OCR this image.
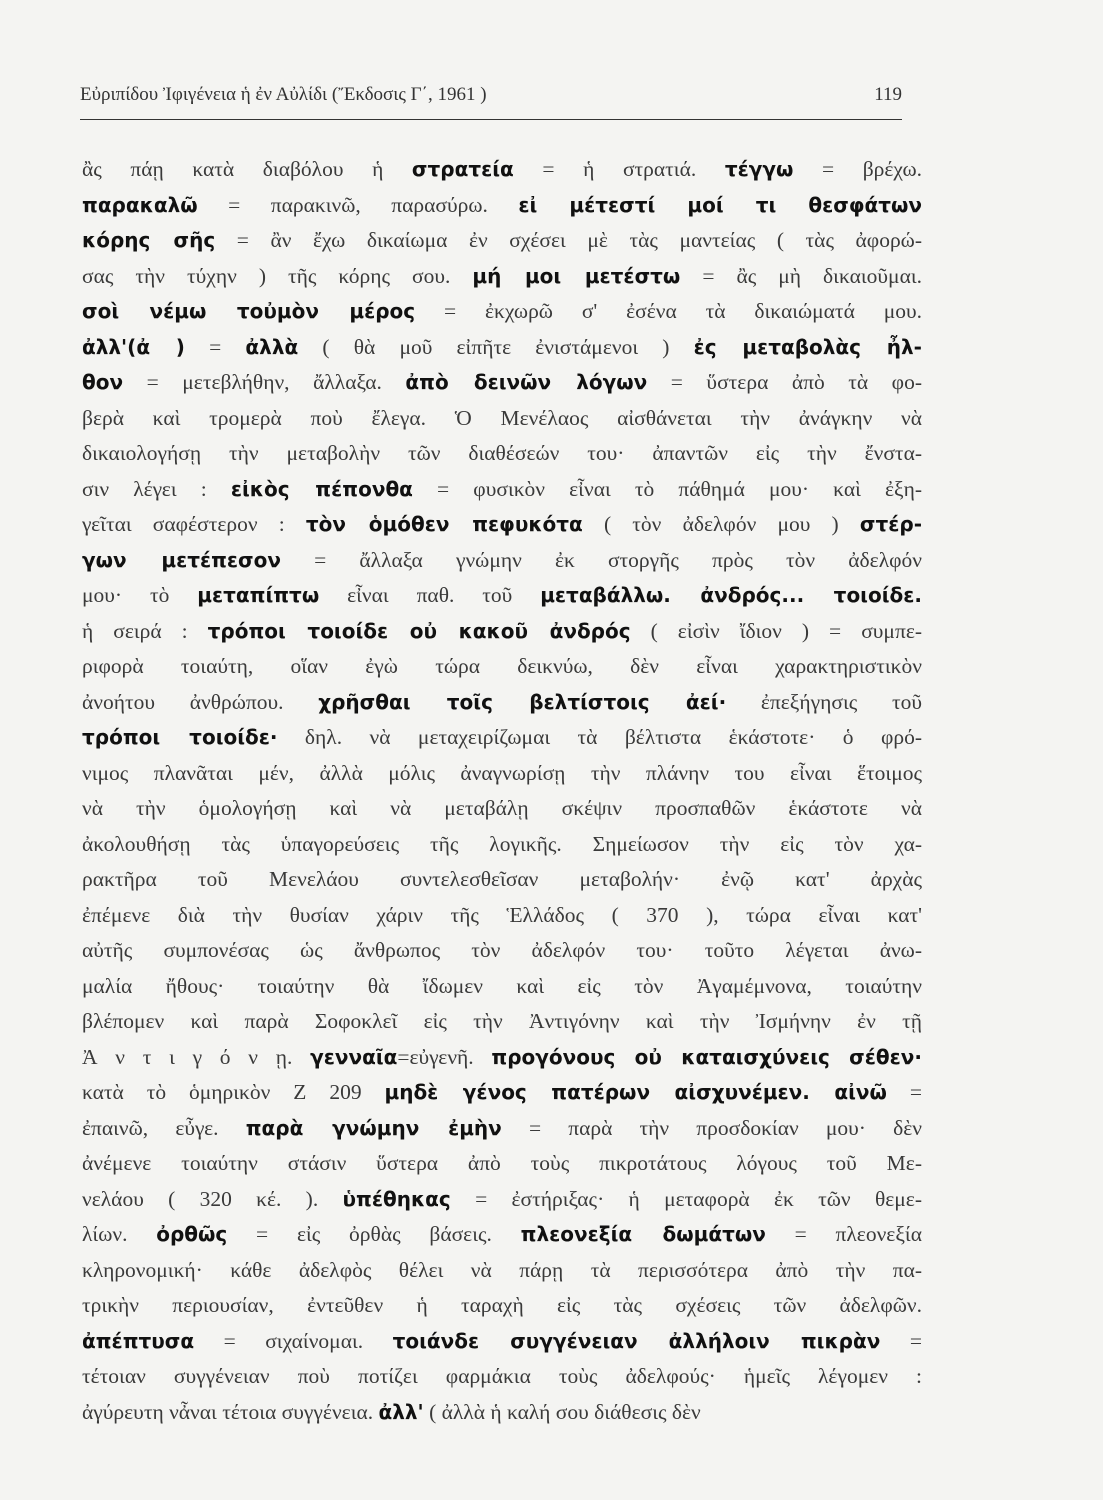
Εὐριπίδου Ἰφιγένεια ἡ ἐν Αὐλίδι (Ἔκδοσις Γ΄, 1961 )	119
ἂς πάῃ κατὰ διαβόλου ἡ στρατεία = ἡ στρατιά. τέγγω = βρέχω.
παρακαλῶ = παρακινῶ, παρασύρω. εἰ μέτεστί μοί τι θεσφάτων
κόρης σῆς = ἂν ἔχω δικαίωμα ἐν σχέσει μὲ τὰς μαντείας ( τὰς ἀφορώ-
σας τὴν τύχην ) τῆς κόρης σου. μή μοι μετέστω = ἂς μὴ δικαιοῦμαι.
σοὶ νέμω τοὐμὸν μέρος = ἐκχωρῶ σ' ἐσένα τὰ δικαιώματά μου.
ἀλλ'(ἀ ) = ἀλλὰ ( θὰ μοῦ εἰπῆτε ἐνιστάμενοι ) ἐς μεταβολὰς ἦλ-
θον = μετεβλήθην, ἄλλαξα. ἀπὸ δεινῶν λόγων = ὕστερα ἀπὸ τὰ φο-
βερὰ καὶ τρομερὰ ποὺ ἔλεγα. Ὁ Μενέλαος αἰσθάνεται τὴν ἀνάγκην νὰ
δικαιολογήσῃ τὴν μεταβολὴν τῶν διαθέσεών του· ἀπαντῶν εἰς τὴν ἔνστα-
σιν λέγει : εἰκὸς πέπονθα = φυσικὸν εἶναι τὸ πάθημά μου· καὶ ἐξη-
γεῖται σαφέστερον : τὸν ὁμόθεν πεφυκότα ( τὸν ἀδελφόν μου ) στέρ-
γων μετέπεσον = ἄλλαξα γνώμην ἐκ στοργῆς πρὸς τὸν ἀδελφόν
μου· τὸ μεταπίπτω εἶναι παθ. τοῦ μεταβάλλω. ἀνδρός... τοιοίδε.
ἡ σειρά : τρόποι τοιοίδε οὐ κακοῦ ἀνδρός ( εἰσὶν ἴδιον ) = συμπε-
ριφορὰ τοιαύτη, οἵαν ἐγὼ τώρα δεικνύω, δὲν εἶναι χαρακτηριστικὸν
ἀνοήτου ἀνθρώπου. χρῆσθαι τοῖς βελτίστοις ἀεί· ἐπεξήγησις τοῦ
τρόποι τοιοίδε· δηλ. νὰ μεταχειρίζωμαι τὰ βέλτιστα ἑκάστοτε· ὁ φρό-
νιμος πλανᾶται μέν, ἀλλὰ μόλις ἀναγνωρίσῃ τὴν πλάνην του εἶναι ἕτοιμος
νὰ τὴν ὁμολογήσῃ καὶ νὰ μεταβάλῃ σκέψιν προσπαθῶν ἑκάστοτε νὰ
ἀκολουθήσῃ τὰς ὑπαγορεύσεις τῆς λογικῆς. Σημείωσον τὴν εἰς τὸν χα-
ρακτῆρα τοῦ Μενελάου συντελεσθεῖσαν μεταβολήν· ἐνῷ κατ' ἀρχὰς
ἐπέμενε διὰ τὴν θυσίαν χάριν τῆς Ἑλλάδος ( 370 ), τώρα εἶναι κατ'
αὐτῆς συμπονέσας ὡς ἄνθρωπος τὸν ἀδελφόν του· τοῦτο λέγεται ἀνω-
μαλία ἤθους· τοιαύτην θὰ ἴδωμεν καὶ εἰς τὸν Ἀγαμέμνονα, τοιαύτην
βλέπομεν καὶ παρὰ Σοφοκλεῖ εἰς τὴν Ἀντιγόνην καὶ τὴν Ἰσμήνην ἐν τῇ
Ἀ ν τ ι γ ό ν ῃ. γενναῖα=εὐγενῆ. προγόνους οὐ καταισχύνεις σέθεν·
κατὰ τὸ ὁμηρικὸν Ζ 209 μηδὲ γένος πατέρων αἰσχυνέμεν. αἰνῶ =
ἐπαινῶ, εὖγε. παρὰ γνώμην ἐμὴν = παρὰ τὴν προσδοκίαν μου· δὲν
ἀνέμενε τοιαύτην στάσιν ὕστερα ἀπὸ τοὺς πικροτάτους λόγους τοῦ Με-
νελάου ( 320 κέ. ). ὑπέθηκας = ἐστήριξας· ἡ μεταφορὰ ἐκ τῶν θεμε-
λίων. ὀρθῶς = εἰς ὀρθὰς βάσεις. πλεονεξία δωμάτων = πλεονεξία
κληρονομική· κάθε ἀδελφὸς θέλει νὰ πάρῃ τὰ περισσότερα ἀπὸ τὴν πα-
τρικὴν περιουσίαν, ἐντεῦθεν ἡ ταραχὴ εἰς τὰς σχέσεις τῶν ἀδελφῶν.
ἀπέπτυσα = σιχαίνομαι. τοιάνδε συγγένειαν ἀλλήλοιν πικρὰν =
τέτοιαν συγγένειαν ποὺ ποτίζει φαρμάκια τοὺς ἀδελφούς· ἡμεῖς λέγομεν :
ἀγύρευτη νἆναι τέτοια συγγένεια. ἀλλ' ( ἀλλὰ ἡ καλή σου διάθεσις δὲν
